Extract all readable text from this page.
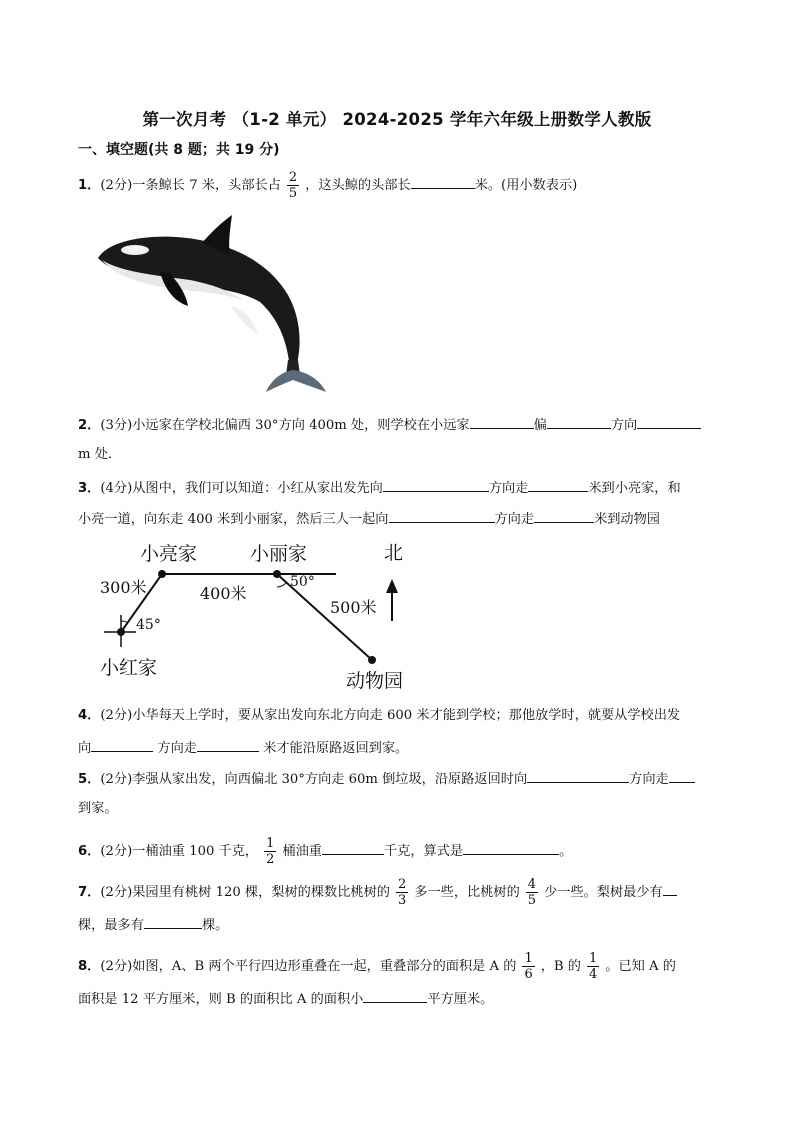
第一次月考 （1-2 单元） 2024-2025 学年六年级上册数学人教版
一、填空题(共 8 题；共 19 分)
1．(2分)一条鲸长 7 米，头部长占 $\frac{2}{5}$ ，这头鲸的头部长	米。(用小数表示)
2．(3分)小远家在学校北偏西 30°方向 400m 处，则学校在小远家	偏	方向
m 处．
3．(4分)从图中，我们可以知道：小红从家出发先向	方向走	米到小亮家，和
小亮一道，向东走 400 米到小丽家，然后三人一起向	方向走	米到动物园
小亮家	小丽家	北
300米	400米
500米
45°
50°
小红家
动物园
4．(2分)小华每天上学时，要从家出发向东北方向走 600 米才能到学校；那他放学时，就要从学校出发
向	方向走	米才能沿原路返回到家。
5．(2分)李强从家出发，向西偏北 30°方向走 60m 倒垃圾，沿原路返回时向	方向走
到家。
6．(2分)一桶油重 100 千克， $\frac{1}{2}$ 桶油重	千克，算式是	。
7．(2分)果园里有桃树 120 棵，梨树的棵数比桃树的 $\frac{2}{3}$ 多一些，比桃树的 $\frac{4}{5}$ 少一些。梨树最少有
棵，最多有	棵。
8．(2分)如图，A、B 两个平行四边形重叠在一起，重叠部分的面积是 A 的 $\frac{1}{6}$ ，B 的 $\frac{1}{4}$ 。已知 A 的
面积是 12 平方厘米，则 B 的面积比 A 的面积小	平方厘米。
